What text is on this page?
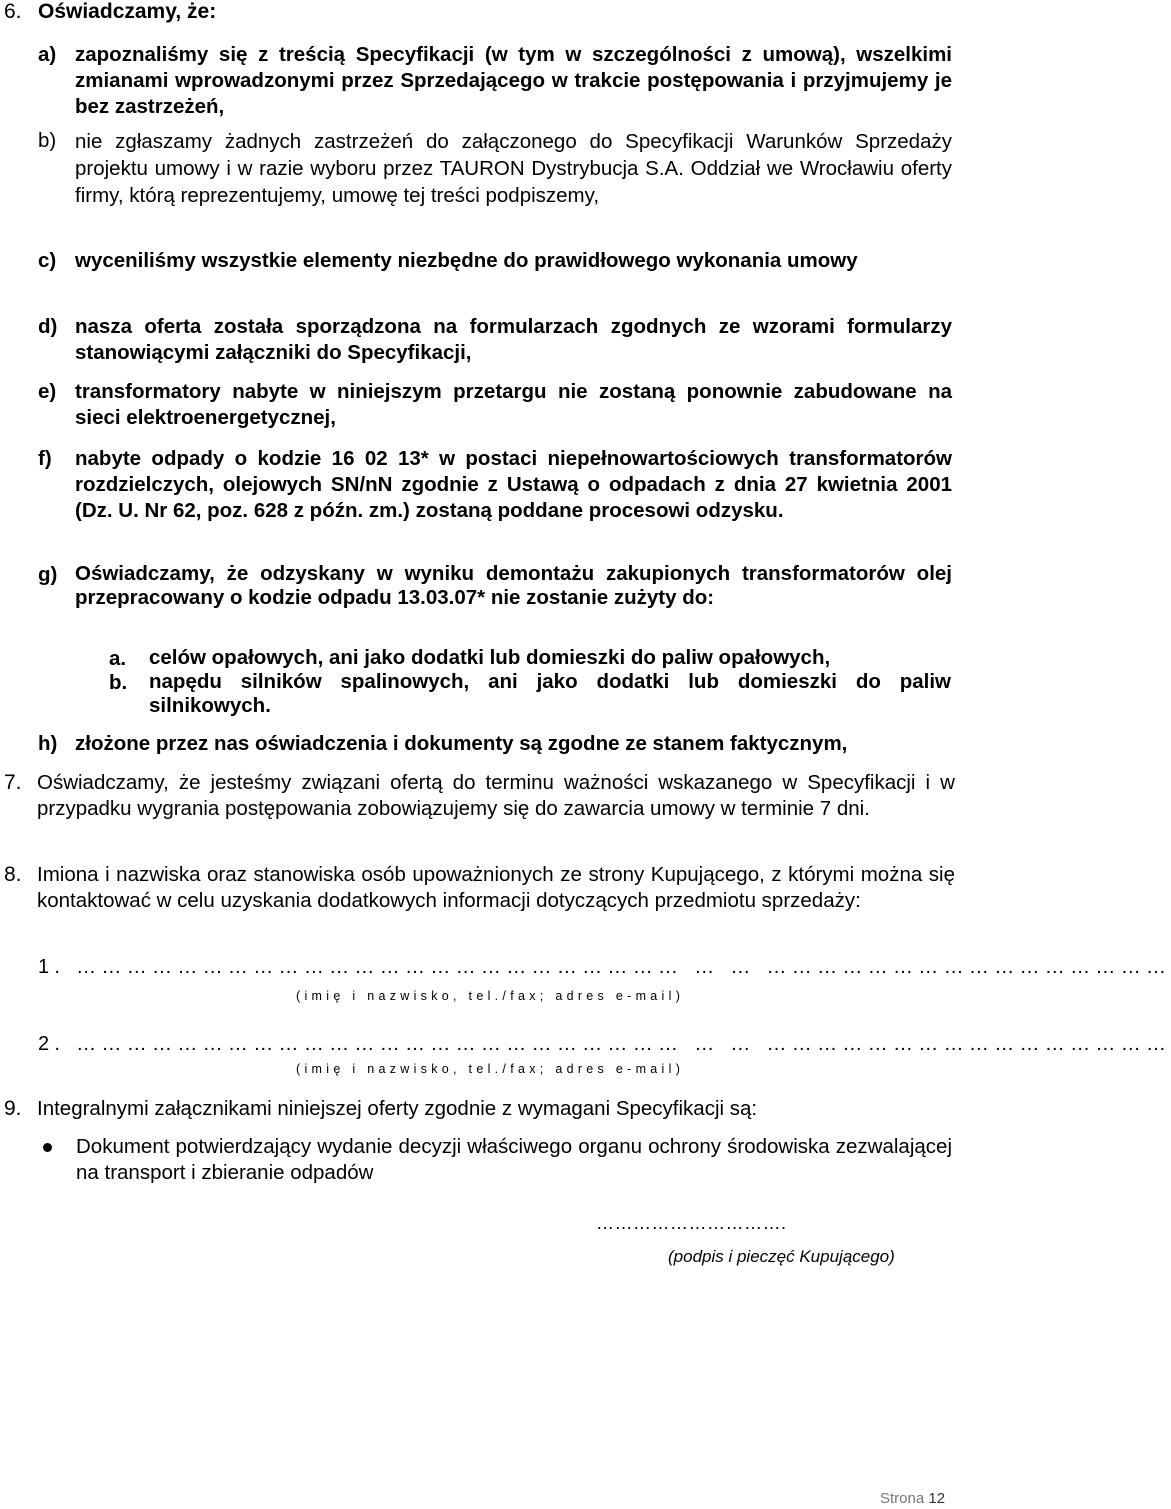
6. Oświadczamy, że:
a) zapoznaliśmy się z treścią Specyfikacji (w tym w szczególności z umową), wszelkimi zmianami wprowadzonymi przez Sprzedającego w trakcie postępowania i przyjmujemy je bez zastrzeżeń,
b) nie zgłaszamy żadnych zastrzeżeń do załączonego do Specyfikacji Warunków Sprzedaży projektu umowy i w razie wyboru przez TAURON Dystrybucja S.A. Oddział we Wrocławiu oferty firmy, którą reprezentujemy, umowę tej treści podpiszemy,
c) wyceniliśmy wszystkie elementy niezbędne do prawidłowego wykonania umowy
d) nasza oferta została sporządzona na formularzach zgodnych ze wzorami formularzy stanowiącymi załączniki do Specyfikacji,
e) transformatory nabyte w niniejszym przetargu nie zostaną ponownie zabudowane na sieci elektroenergetycznej,
f) nabyte odpady o kodzie 16 02 13* w postaci niepełnowartościowych transformatorów rozdzielczych, olejowych SN/nN zgodnie z Ustawą o odpadach z dnia 27 kwietnia 2001 (Dz. U. Nr 62, poz. 628 z późn. zm.) zostaną poddane procesowi odzysku.
g) Oświadczamy, że odzyskany w wyniku demontażu zakupionych transformatorów olej przepracowany o kodzie odpadu 13.03.07* nie zostanie zużyty do:
a. celów opałowych, ani jako dodatki lub domieszki do paliw opałowych,
b. napędu silników spalinowych, ani jako dodatki lub domieszki do paliw silnikowych.
h) złożone przez nas oświadczenia i dokumenty są zgodne ze stanem faktycznym,
7. Oświadczamy, że jesteśmy związani ofertą do terminu ważności wskazanego w Specyfikacji i w przypadku wygrania postępowania zobowiązujemy się do zawarcia umowy w terminie 7 dni.
8. Imiona i nazwiska oraz stanowiska osób upoważnionych ze strony Kupującego, z którymi można się kontaktować w celu uzyskania dodatkowych informacji dotyczących przedmiotu sprzedaży:
1. ……………………………………………………………… … … …………………………………………
(imię i nazwisko, tel./fax; adres e-mail)
2. ……………………………………………………………… … … …………………………………………
(imię i nazwisko, tel./fax; adres e-mail)
9. Integralnymi załącznikami niniejszej oferty zgodnie z wymagani Specyfikacji są:
Dokument potwierdzający wydanie decyzji właściwego organu ochrony środowiska zezwalającej na transport i zbieranie odpadów
………………………….
(podpis i pieczęć Kupującego)
Strona 12
